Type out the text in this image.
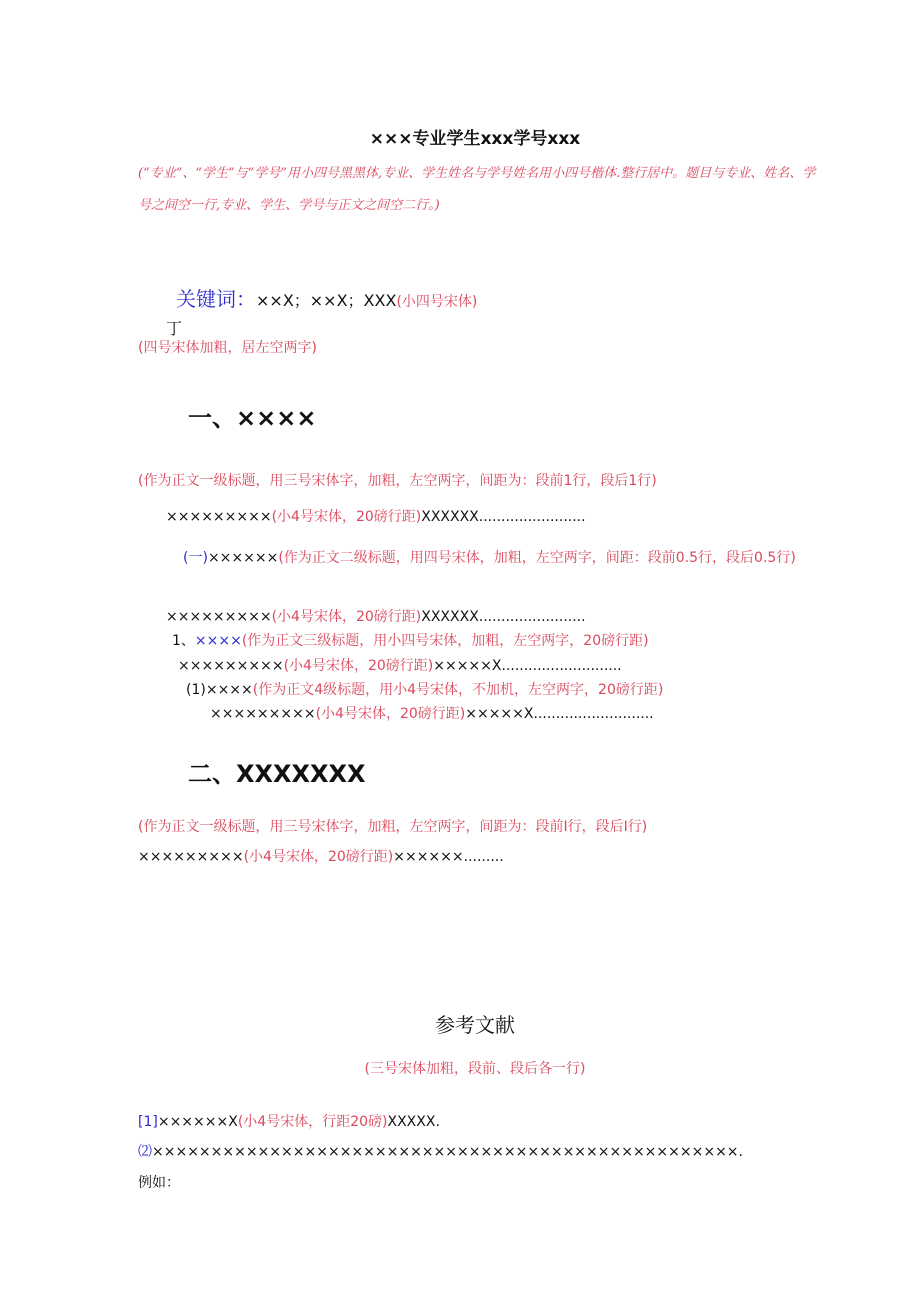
×××专业学生xxx学号xxx
(“专业”、“学生”与“学号”用小四号黑黑体,专业、学生姓名与学号姓名用小四号楷体.整行居中。题目与专业、姓名、学号之间空一行,专业、学生、学号与正文之间空二行。)
关键词：××X；××X；XXX(小四号宋体)
丁
(四号宋体加粗，居左空两字)
一、××××
(作为正文一级标题，用三号宋体字，加粗，左空两字，间距为：段前1行，段后1行)
×××××××××(小4号宋体，20磅行距)XXXXXX........................
(一)××××××(作为正文二级标题，用四号宋体，加粗，左空两字，间距：段前0.5行，段后0.5行)
×××××××××(小4号宋体，20磅行距)XXXXXX........................
1、××××(作为正文三级标题，用小四号宋体，加粗，左空两字，20磅行距)
×××××××××(小4号宋体，20磅行距)×××××X...........................
(1)××××(作为正文4级标题，用小4号宋体，不加机，左空两字，20磅行距)
×××××××××(小4号宋体，20磅行距)×××××X...........................
二、XXXXXXX
(作为正文一级标题，用三号宋体字，加粗，左空两字，间距为：段前I行，段后I行)
×××××××××(小4号宋体，20磅行距)××××××.........
参考文献
(三号宋体加粗，段前、段后各一行)
[1]××××××X(小4号宋体，行距20磅)XXXXX.
⑵××××××××××××××××××××××××××××××××××××××××××××××××××.
例如：
